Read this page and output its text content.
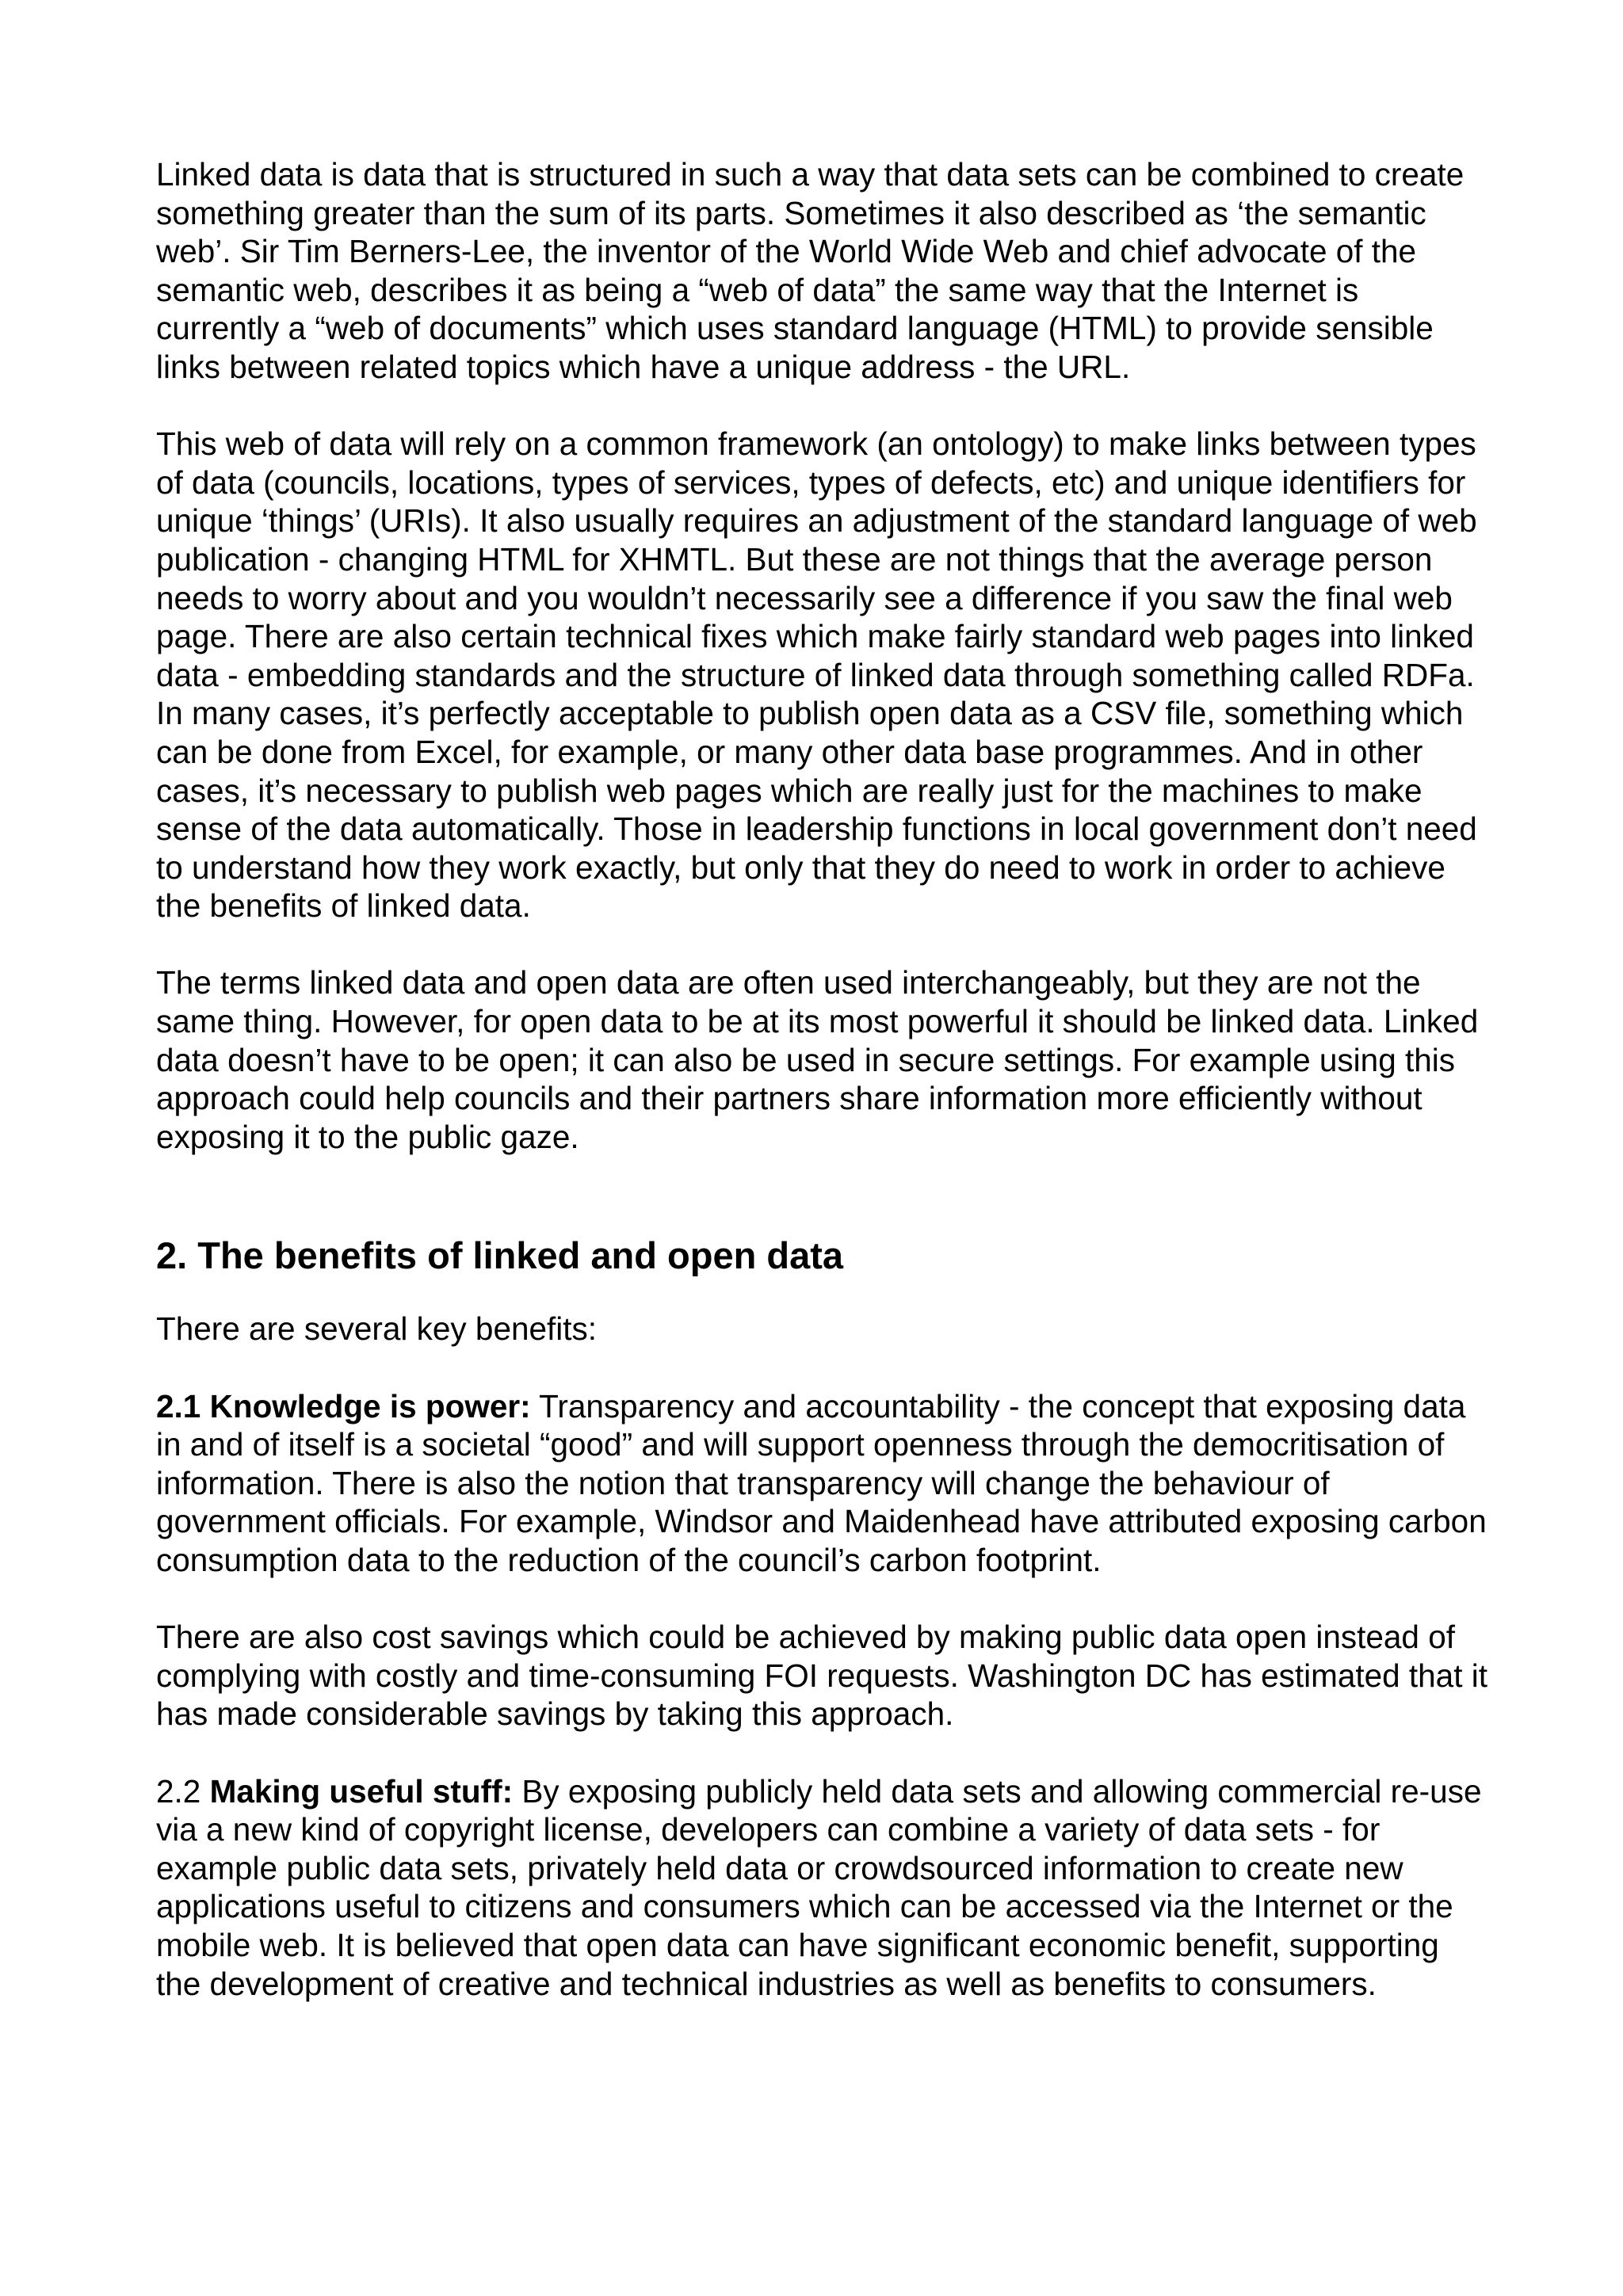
Linked data is data that is structured in such a way that data sets can be combined to create something greater than the sum of its parts. Sometimes it also described as ‘the semantic web’. Sir Tim Berners-Lee, the inventor of the World Wide Web and chief advocate of the semantic web, describes it as being a “web of data” the same way that the Internet is currently a “web of documents” which uses standard language (HTML) to provide sensible links between related topics which have a unique address - the URL.

This web of data will rely on a common framework (an ontology) to make links between types of data (councils, locations, types of services, types of defects, etc) and unique identifiers for unique ‘things’ (URIs). It also usually requires an adjustment of the standard language of web publication - changing HTML for XHMTL. But these are not things that the average person needs to worry about and you wouldn’t necessarily see a difference if you saw the final web page. There are also certain technical fixes which make fairly standard web pages into linked data - embedding standards and the structure of linked data through something called RDFa. In many cases, it’s perfectly acceptable to publish open data as a CSV file, something which can be done from Excel, for example, or many other data base programmes. And in other cases, it’s necessary to publish web pages which are really just for the machines to make sense of the data automatically. Those in leadership functions in local government don’t need to understand how they work exactly, but only that they do need to work in order to achieve the benefits of linked data.

The terms linked data and open data are often used interchangeably, but they are not the same thing. However, for open data to be at its most powerful it should be linked data. Linked data doesn’t have to be open; it can also be used in secure settings. For example using this approach could help councils and their partners share information more efficiently without exposing it to the public gaze.

2. The benefits of linked and open data

There are several key benefits:

2.1 Knowledge is power: Transparency and accountability - the concept that exposing data in and of itself is a societal “good” and will support openness through the democritisation of information. There is also the notion that transparency will change the behaviour of government officials. For example, Windsor and Maidenhead have attributed exposing carbon consumption data to the reduction of the council’s carbon footprint.

There are also cost savings which could be achieved by making public data open instead of complying with costly and time-consuming FOI requests. Washington DC has estimated that it has made considerable savings by taking this approach.

2.2 Making useful stuff: By exposing publicly held data sets and allowing commercial re-use via a new kind of copyright license, developers can combine a variety of data sets - for example public data sets, privately held data or crowdsourced information to create new applications useful to citizens and consumers which can be accessed via the Internet or the mobile web. It is believed that open data can have significant economic benefit, supporting the development of creative and technical industries as well as benefits to consumers.
